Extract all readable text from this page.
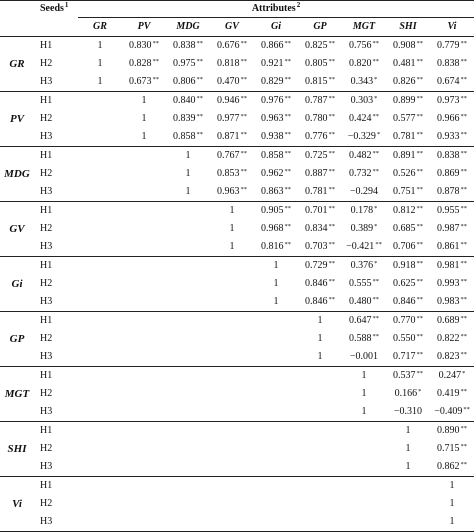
	Seeds$^1$	Attributes$^2$
		GR	PV	MDG	GV	Gi	GP	MGT	SHI	Vi
GR	H1	1	0.830**	0.838**	0.676**	0.866**	0.825**	0.756**	0.908**	0.779**
	H2	1	0.828**	0.975**	0.818**	0.921**	0.805**	0.820**	0.481**	0.838**
	H3	1	0.673**	0.806**	0.470**	0.829**	0.815**	0.343*	0.826**	0.674**
PV	H1		1	0.840**	0.946**	0.976**	0.787**	0.303*	0.899**	0.973**
	H2		1	0.839**	0.977**	0.963**	0.780**	0.424**	0.577**	0.966**
	H3		1	0.858**	0.871**	0.938**	0.776**	−0.329*	0.781**	0.933**
MDG	H1			1	0.767**	0.858**	0.725**	0.482**	0.891**	0.838**
	H2			1	0.853**	0.962**	0.887**	0.732**	0.526**	0.869**
	H3			1	0.963**	0.863**	0.781**	−0.294	0.751**	0.878**
GV	H1				1	0.905**	0.701**	0.178*	0.812**	0.955**
	H2				1	0.968**	0.834**	0.389*	0.685**	0.987**
	H3				1	0.816**	0.703**	−0.421**	0.706**	0.861**
Gi	H1					1	0.729**	0.376*	0.918**	0.981**
	H2					1	0.846**	0.555**	0.625**	0.993**
	H3					1	0.846**	0.480**	0.846**	0.983**
GP	H1						1	0.647**	0.770**	0.689**
	H2						1	0.588**	0.550**	0.822**
	H3						1	−0.001	0.717**	0.823**
MGT	H1							1	0.537**	0.247*
	H2							1	0.166*	0.419**
	H3							1	−0.310	−0.409**
SHI	H1								1	0.890**
	H2								1	0.715**
	H3								1	0.862**
Vi	H1									1
	H2									1
	H3									1
